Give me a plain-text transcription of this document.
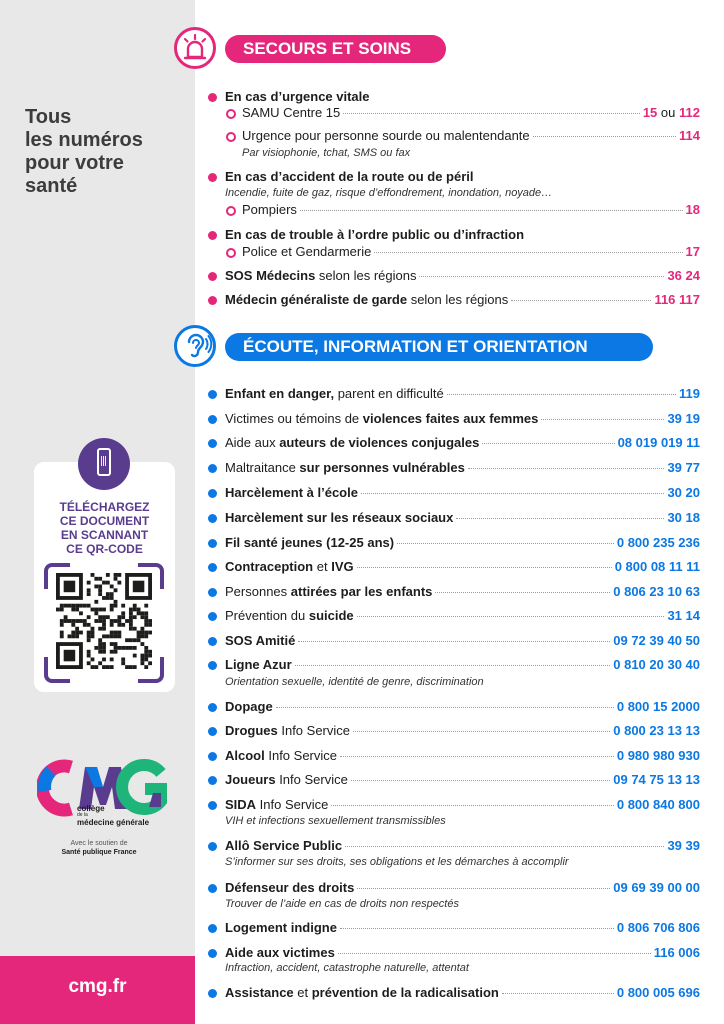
Tous
les numéros
pour votre
santé
TÉLÉCHARGEZ
CE DOCUMENT
EN SCANNANT
CE QR-CODE
CMG
collège
de la
médecine générale
Avec le soutien de
Santé publique France
cmg.fr
SECOURS ET SOINS
En cas d’urgence vitale
SAMU Centre 15	15 ou 112
Urgence pour personne sourde ou malentendante	114
Par visiophonie, tchat, SMS ou fax
En cas d’accident de la route ou de péril
Incendie, fuite de gaz, risque d’effondrement, inondation, noyade…
Pompiers	18
En cas de trouble à l’ordre public ou d’infraction
Police et Gendarmerie	17
SOS Médecins selon les régions	36 24
Médecin généraliste de garde selon les régions	116 117
ÉCOUTE, INFORMATION ET ORIENTATION
Enfant en danger, parent en difficulté	119
Victimes ou témoins de violences faites aux femmes	39 19
Aide aux auteurs de violences conjugales	08 019 019 11
Maltraitance sur personnes vulnérables	39 77
Harcèlement à l’école	30 20
Harcèlement sur les réseaux sociaux	30 18
Fil santé jeunes (12-25 ans)	0 800 235 236
Contraception et IVG	0 800 08 11 11
Personnes attirées par les enfants	0 806 23 10 63
Prévention du suicide	31 14
SOS Amitié	09 72 39 40 50
Ligne Azur	0 810 20 30 40
Orientation sexuelle, identité de genre, discrimination
Dopage	0 800 15 2000
Drogues Info Service	0 800 23 13 13
Alcool Info Service	0 980 980 930
Joueurs Info Service	09 74 75 13 13
SIDA Info Service	0 800 840 800
VIH et infections sexuellement transmissibles
Allô Service Public	39 39
S’informer sur ses droits, ses obligations et les démarches à accomplir
Défenseur des droits	09 69 39 00 00
Trouver de l’aide en cas de droits non respectés
Logement indigne	0 806 706 806
Aide aux victimes	116 006
Infraction, accident, catastrophe naturelle, attentat
Assistance et prévention de la radicalisation	0 800 005 696
